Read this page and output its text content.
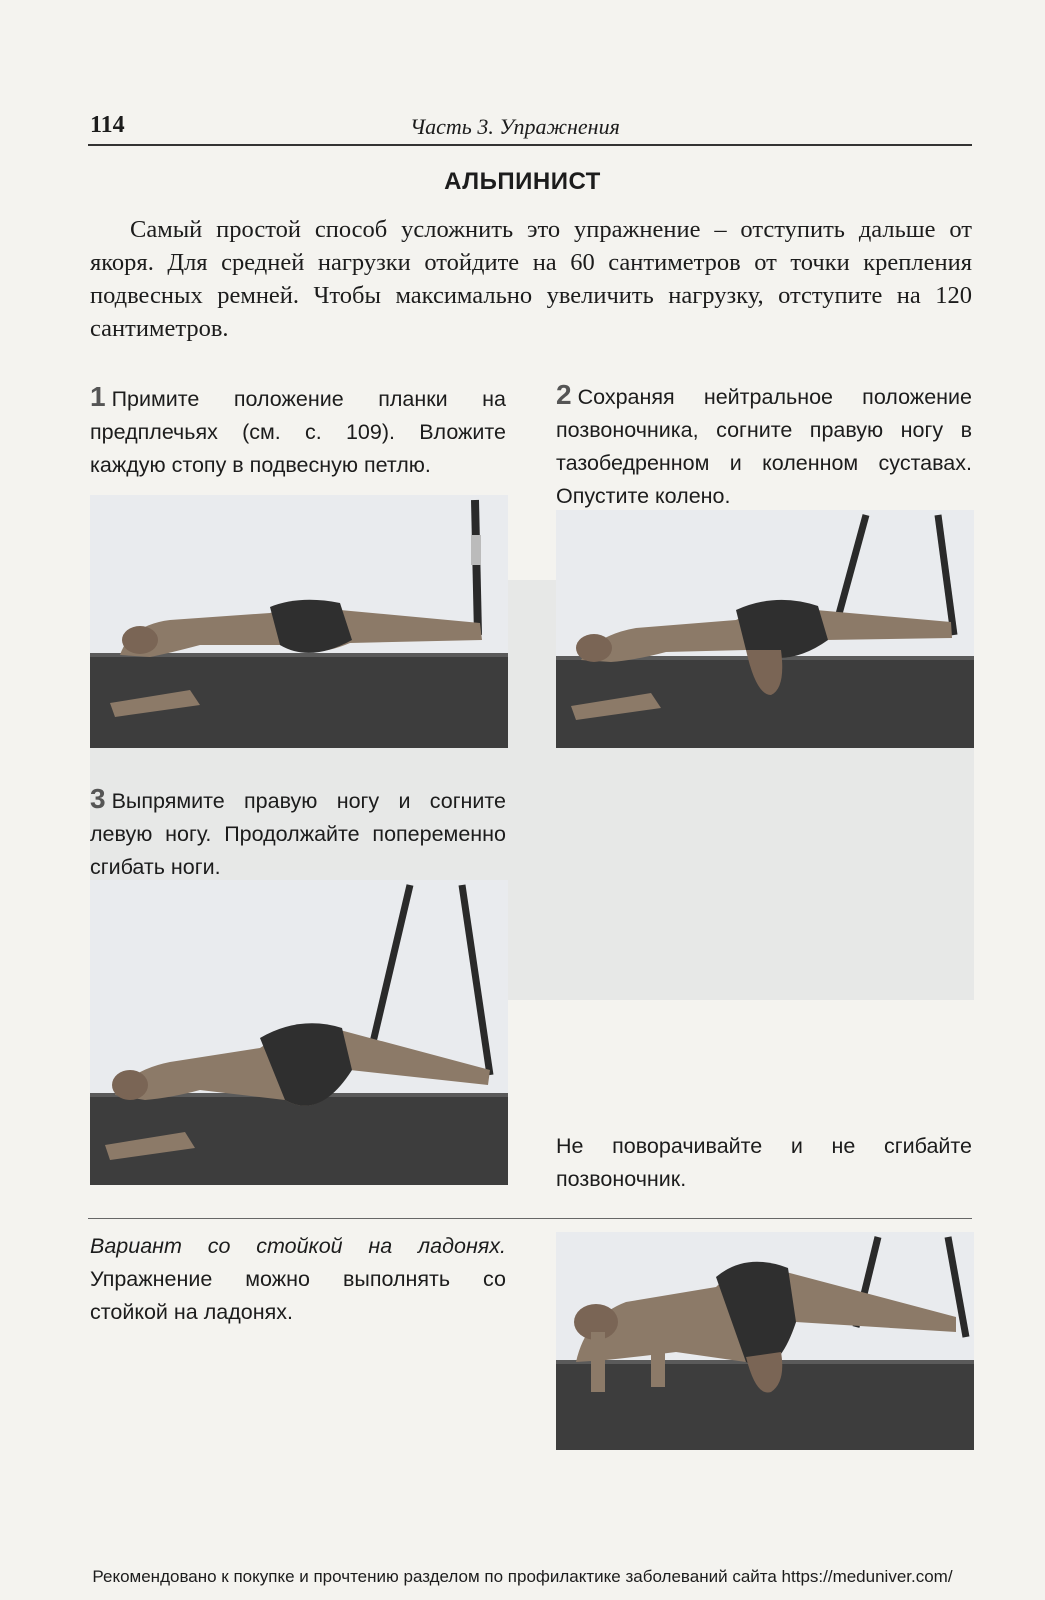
114	Часть 3. Упражнения
АЛЬПИНИСТ
Самый простой способ усложнить это упражнение – отступить дальше от якоря. Для средней нагрузки отойдите на 60 сантиметров от точки крепления подвесных ремней. Чтобы максимально увеличить нагрузку, отступите на 120 сантиметров.
1 Примите положение планки на предплечьях (см. с. 109). Вложите каждую стопу в подвесную петлю.
2 Сохраняя нейтральное положение позвоночника, согните правую ногу в тазобедренном и коленном суставах. Опустите колено.
3 Выпрямите правую ногу и согните левую ногу. Продолжайте попеременно сгибать ноги.
Не поворачивайте и не сгибайте позвоночник.
Вариант со стойкой на ладонях. Упражнение можно выполнять со стойкой на ладонях.
Рекомендовано к покупке и прочтению разделом по профилактике заболеваний сайта https://meduniver.com/
